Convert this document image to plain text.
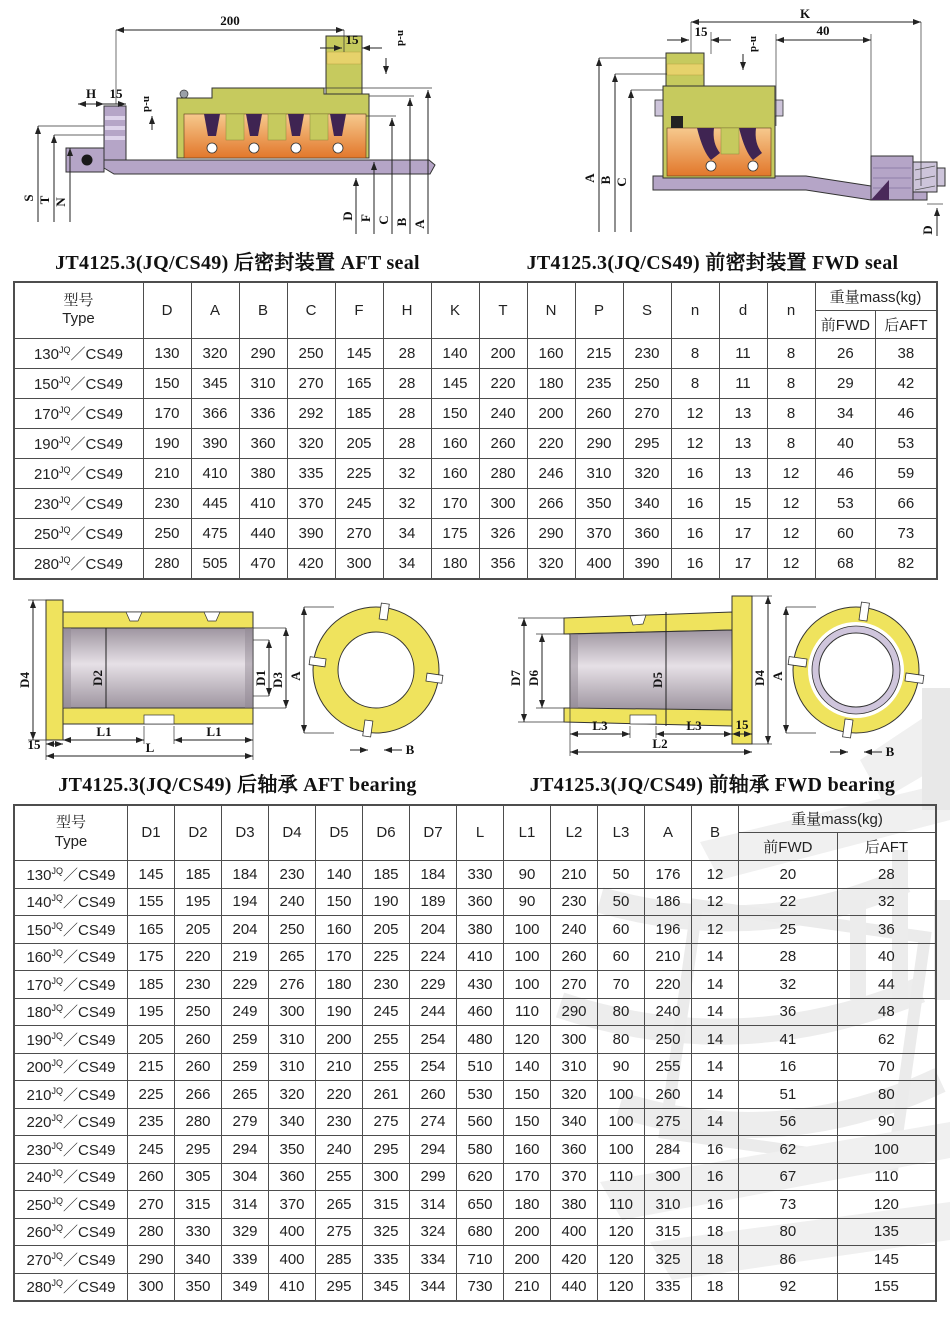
200
15	n-d
H 15
n-d
S T N
D F C B A
K
15	40
n-d
A B C
D
JT4125.3(JQ/CS49) 后密封装置 AFT seal	JT4125.3(JQ/CS49) 前密封装置 FWD seal
型号
Type	D	A	B	C	F	H	K	T	N	P	S	n	d	n	重量mass(kg)	
															前FWD	后AFT
$130^{JQ}/CS49$	130	320	290	250	145	28	140	200	160	215	230	8	11	8	26	38
$150^{JQ}/CS49$	150	345	310	270	165	28	145	220	180	235	250	8	11	8	29	42
$170^{JQ}/CS49$	170	366	336	292	185	28	150	240	200	260	270	12	13	8	34	46
$190^{JQ}/CS49$	190	390	360	320	205	28	160	260	220	290	295	12	13	8	40	53
$210^{JQ}/CS49$	210	410	380	335	225	32	160	280	246	310	320	16	13	12	46	59
$230^{JQ}/CS49$	230	445	410	370	245	32	170	300	266	350	340	16	15	12	53	66
$250^{JQ}/CS49$	250	475	440	390	270	34	175	326	290	370	360	16	17	12	60	73
$280^{JQ}/CS49$	280	505	470	420	300	34	180	356	320	400	390	16	17	12	68	82
D4	D2	D1 D3
15
L1	L1
L
A
B
D7 D6	D5	D4
L3	L3	15
L2
A
B
JT4125.3(JQ/CS49) 后轴承 AFT bearing	JT4125.3(JQ/CS49) 前轴承 FWD bearing
型号
Type	D1	D2	D3	D4	D5	D6	D7	L	L1	L2	L3	A	B	重量mass(kg)	
														前FWD	后AFT
$130^{JQ}/CS49$	145	185	184	230	140	185	184	330	90	210	50	176	12	20	28
$140^{JQ}/CS49$	155	195	194	240	150	190	189	360	90	230	50	186	12	22	32
$150^{JQ}/CS49$	165	205	204	250	160	205	204	380	100	240	60	196	12	25	36
$160^{JQ}/CS49$	175	220	219	265	170	225	224	410	100	260	60	210	14	28	40
$170^{JQ}/CS49$	185	230	229	276	180	230	229	430	100	270	70	220	14	32	44
$180^{JQ}/CS49$	195	250	249	300	190	245	244	460	110	290	80	240	14	36	48
$190^{JQ}/CS49$	205	260	259	310	200	255	254	480	120	300	80	250	14	41	62
$200^{JQ}/CS49$	215	260	259	310	210	255	254	510	140	310	90	255	14	16	70
$210^{JQ}/CS49$	225	266	265	320	220	261	260	530	150	320	100	260	14	51	80
$220^{JQ}/CS49$	235	280	279	340	230	275	274	560	150	340	100	275	14	56	90
$230^{JQ}/CS49$	245	295	294	350	240	295	294	580	160	360	100	284	16	62	100
$240^{JQ}/CS49$	260	305	304	360	255	300	299	620	170	370	110	300	16	67	110
$250^{JQ}/CS49$	270	315	314	370	265	315	314	650	180	380	110	310	16	73	120
$260^{JQ}/CS49$	280	330	329	400	275	325	324	680	200	400	120	315	18	80	135
$270^{JQ}/CS49$	290	340	339	400	285	335	334	710	200	420	120	325	18	86	145
$280^{JQ}/CS49$	300	350	349	410	295	345	344	730	210	440	120	335	18	92	155
